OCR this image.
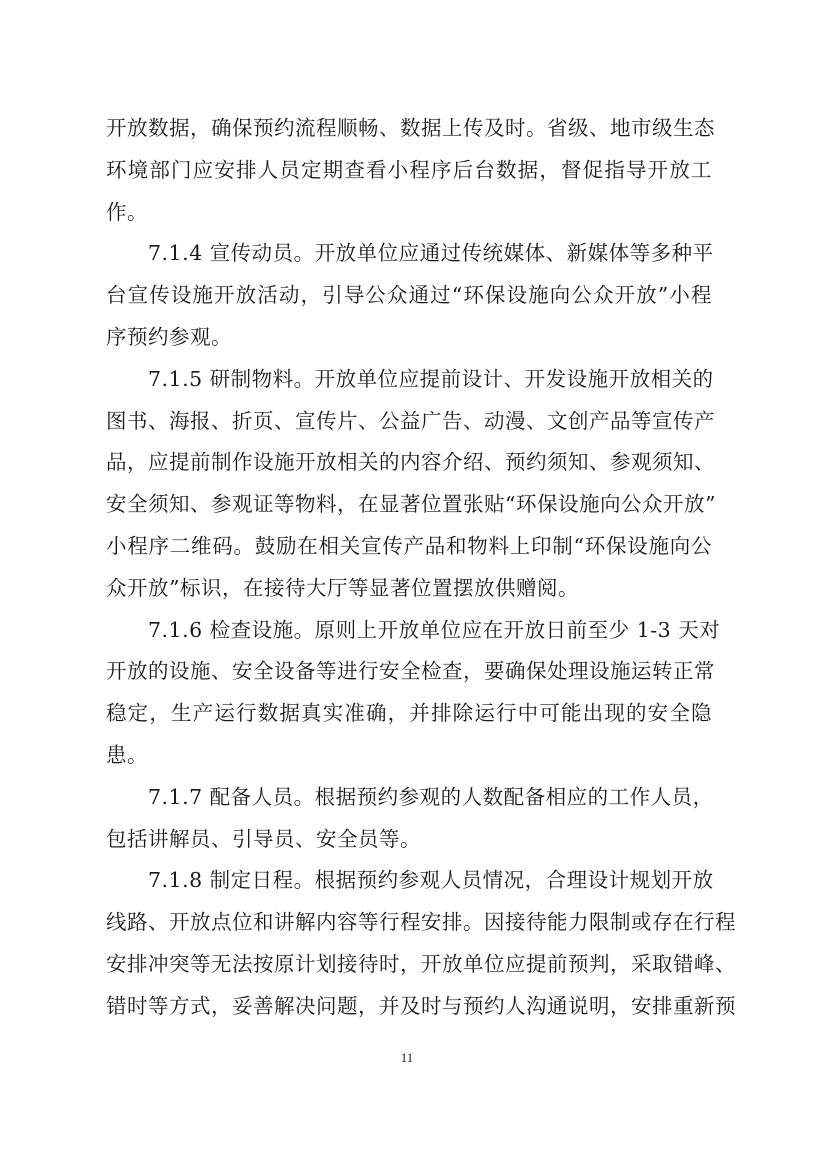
开放数据，确保预约流程顺畅、数据上传及时。省级、地市级生态
环境部门应安排人员定期查看小程序后台数据，督促指导开放工
作。
7.1.4 宣传动员。开放单位应通过传统媒体、新媒体等多种平
台宣传设施开放活动，引导公众通过“环保设施向公众开放”小程
序预约参观。
7.1.5 研制物料。开放单位应提前设计、开发设施开放相关的
图书、海报、折页、宣传片、公益广告、动漫、文创产品等宣传产
品，应提前制作设施开放相关的内容介绍、预约须知、参观须知、
安全须知、参观证等物料，在显著位置张贴“环保设施向公众开放”
小程序二维码。鼓励在相关宣传产品和物料上印制“环保设施向公
众开放”标识，在接待大厅等显著位置摆放供赠阅。
7.1.6 检查设施。原则上开放单位应在开放日前至少 1-3 天对
开放的设施、安全设备等进行安全检查，要确保处理设施运转正常
稳定，生产运行数据真实准确，并排除运行中可能出现的安全隐
患。
7.1.7 配备人员。根据预约参观的人数配备相应的工作人员，
包括讲解员、引导员、安全员等。
7.1.8 制定日程。根据预约参观人员情况，合理设计规划开放
线路、开放点位和讲解内容等行程安排。因接待能力限制或存在行程
安排冲突等无法按原计划接待时，开放单位应提前预判，采取错峰、
错时等方式，妥善解决问题，并及时与预约人沟通说明，安排重新预
11
